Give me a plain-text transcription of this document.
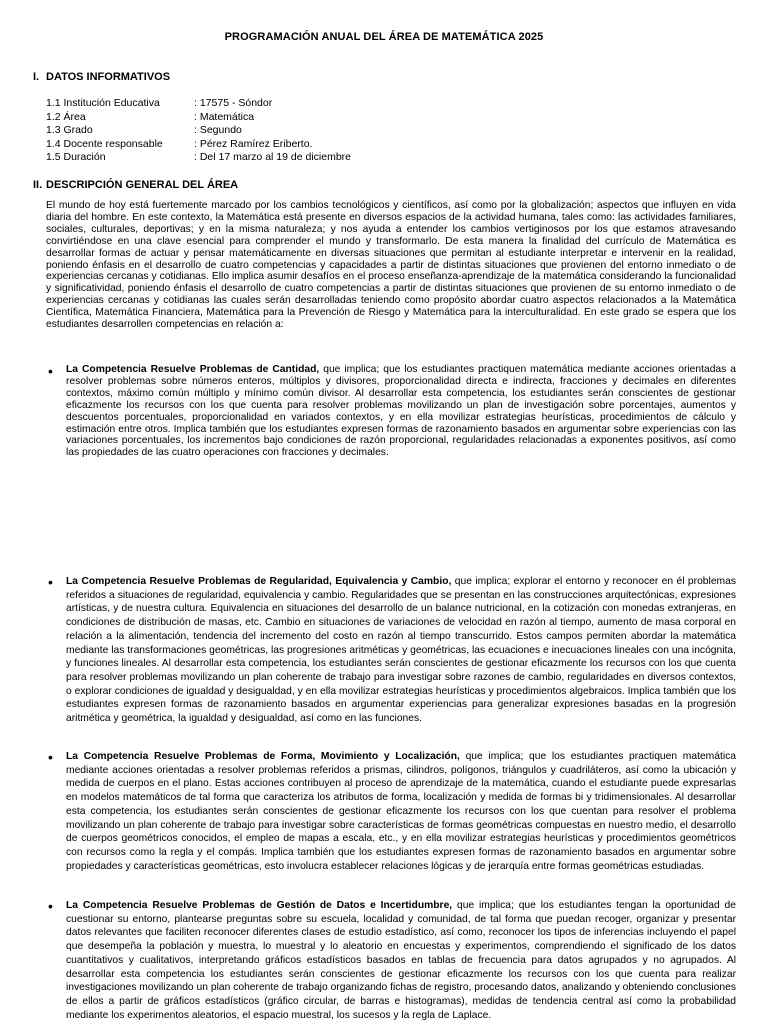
PROGRAMACIÓN ANUAL DEL ÁREA DE MATEMÁTICA 2025
I. DATOS INFORMATIVOS
1.1 Institución Educativa	: 17575 - Sóndor
1.2 Área	: Matemática
1.3 Grado	: Segundo
1.4 Docente responsable	: Pérez Ramírez Eriberto.
1.5 Duración	: Del 17 marzo al 19 de diciembre
II. DESCRIPCIÓN GENERAL DEL ÁREA
El mundo de hoy está fuertemente marcado por los cambios tecnológicos y científicos, así como por la globalización; aspectos que influyen en vida diaria del hombre. En este contexto, la Matemática está presente en diversos espacios de la actividad humana, tales como: las actividades familiares, sociales, culturales, deportivas; y en la misma naturaleza; y nos ayuda a entender los cambios vertiginosos por los que estamos atravesando convirtiéndose en una clave esencial para comprender el mundo y transformarlo. De esta manera la finalidad del currículo de Matemática es desarrollar formas de actuar y pensar matemáticamente en diversas situaciones que permitan al estudiante interpretar e intervenir en la realidad, poniendo énfasis en el desarrollo de cuatro competencias y capacidades a partir de distintas situaciones que provienen del entorno inmediato o de experiencias cercanas y cotidianas. Ello implica asumir desafíos en el proceso enseñanza-aprendizaje de la matemática considerando la funcionalidad y significatividad, poniendo énfasis el desarrollo de cuatro competencias a partir de distintas situaciones que provienen de su entorno inmediato o de experiencias cercanas y cotidianas las cuales serán desarrolladas teniendo como propósito abordar cuatro aspectos relacionados a la Matemática Científica, Matemática Financiera, Matemática para la Prevención de Riesgo y Matemática para la interculturalidad. En este grado se espera que los estudiantes desarrollen competencias en relación a:
• La Competencia Resuelve Problemas de Cantidad, que implica; que los estudiantes practiquen matemática mediante acciones orientadas a resolver problemas sobre números enteros, múltiplos y divisores, proporcionalidad directa e indirecta, fracciones y decimales en diferentes contextos, máximo común múltiplo y mínimo común divisor. Al desarrollar esta competencia, los estudiantes serán conscientes de gestionar eficazmente los recursos con los que cuenta para resolver problemas movilizando un plan de investigación sobre porcentajes, aumentos y descuentos porcentuales, proporcionalidad en variados contextos, y en ella movilizar estrategias heurísticas, procedimientos de cálculo y estimación entre otros. Implica también que los estudiantes expresen formas de razonamiento basados en argumentar sobre experiencias con las variaciones porcentuales, los incrementos bajo condiciones de razón proporcional, regularidades relacionadas a exponentes positivos, así como las propiedades de las cuatro operaciones con fracciones y decimales.
• La Competencia Resuelve Problemas de Regularidad, Equivalencia y Cambio, que implica; explorar el entorno y reconocer en él problemas referidos a situaciones de regularidad, equivalencia y cambio. Regularidades que se presentan en las construcciones arquitectónicas, expresiones artísticas, y de nuestra cultura. Equivalencia en situaciones del desarrollo de un balance nutricional, en la cotización con monedas extranjeras, en condiciones de distribución de masas, etc. Cambio en situaciones de variaciones de velocidad en razón al tiempo, aumento de masa corporal en relación a la alimentación, tendencia del incremento del costo en razón al tiempo transcurrido. Estos campos permiten abordar la matemática mediante las transformaciones geométricas, las progresiones aritméticas y geométricas, las ecuaciones e inecuaciones lineales con una incógnita, y funciones lineales. Al desarrollar esta competencia, los estudiantes serán conscientes de gestionar eficazmente los recursos con los que cuenta para resolver problemas movilizando un plan coherente de trabajo para investigar sobre razones de cambio, regularidades en diversos contextos, o explorar condiciones de igualdad y desigualdad, y en ella movilizar estrategias heurísticas y procedimientos algebraicos. Implica también que los estudiantes expresen formas de razonamiento basados en argumentar experiencias para generalizar expresiones basadas en la progresión aritmética y geométrica, la igualdad y desigualdad, así como en las funciones.
• La Competencia Resuelve Problemas de Forma, Movimiento y Localización, que implica; que los estudiantes practiquen matemática mediante acciones orientadas a resolver problemas referidos a prismas, cilindros, polígonos, triángulos y cuadriláteros, así como la ubicación y medida de cuerpos en el plano. Estas acciones contribuyen al proceso de aprendizaje de la matemática, cuando el estudiante puede expresarlas en modelos matemáticos de tal forma que caracteriza los atributos de forma, localización y medida de formas bi y tridimensionales. Al desarrollar esta competencia, los estudiantes serán conscientes de gestionar eficazmente los recursos con los que cuentan para resolver el problema movilizando un plan coherente de trabajo para investigar sobre características de formas geométricas compuestas en nuestro medio, el desarrollo de cuerpos geométricos conocidos, el empleo de mapas a escala, etc., y en ella movilizar estrategias heurísticas y procedimientos geométricos con recursos como la regla y el compás. Implica también que los estudiantes expresen formas de razonamiento basados en argumentar sobre propiedades y características geométricas, esto involucra establecer relaciones lógicas y de jerarquía entre formas geométricas estudiadas.
• La Competencia Resuelve Problemas de Gestión de Datos e Incertidumbre, que implica; que los estudiantes tengan la oportunidad de cuestionar su entorno, plantearse preguntas sobre su escuela, localidad y comunidad, de tal forma que puedan recoger, organizar y presentar datos relevantes que faciliten reconocer diferentes clases de estudio estadístico, así como, reconocer los tipos de inferencias incluyendo el papel que desempeña la población y muestra, lo muestral y lo aleatorio en encuestas y experimentos, comprendiendo el significado de los datos cuantitativos y cualitativos, interpretando gráficos estadísticos basados en tablas de frecuencia para datos agrupados y no agrupados. Al desarrollar esta competencia los estudiantes serán conscientes de gestionar eficazmente los recursos con los que cuenta para realizar investigaciones movilizando un plan coherente de trabajo organizando fichas de registro, procesando datos, analizando y obteniendo conclusiones de ellos a partir de gráficos estadísticos (gráfico circular, de barras e histogramas), medidas de tendencia central así como la probabilidad mediante los experimentos aleatorios, el espacio muestral, los sucesos y la regla de Laplace.
